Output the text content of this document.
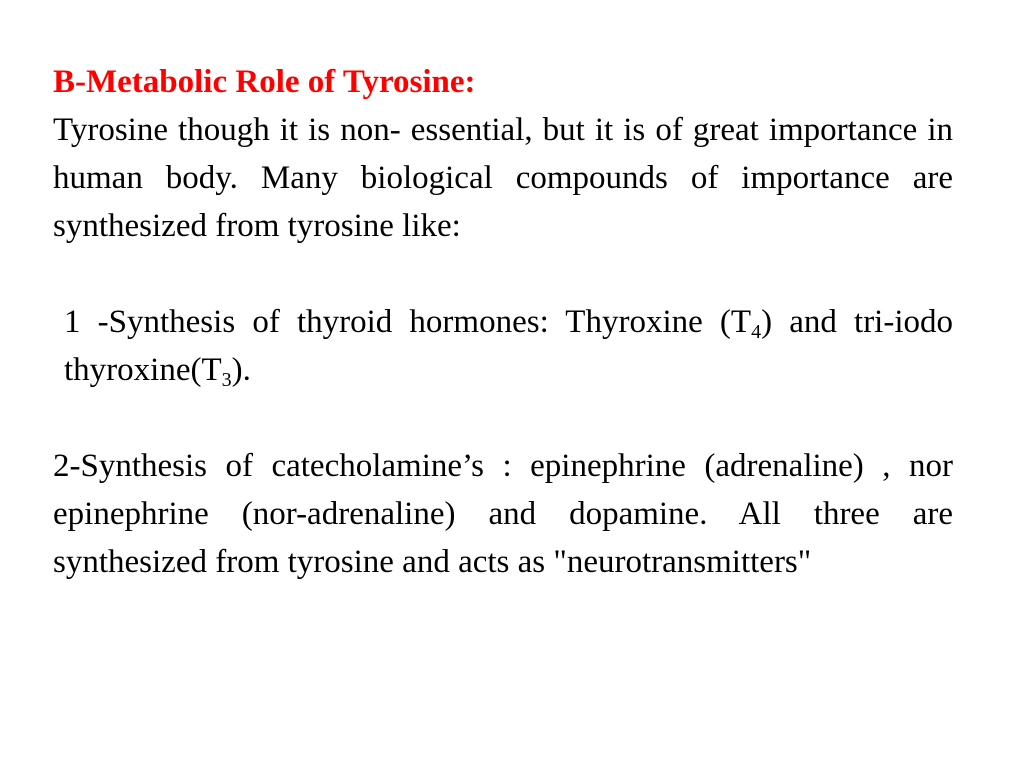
B-Metabolic Role of Tyrosine:

Tyrosine though it is non- essential, but it is of great importance in human body. Many biological compounds of importance are synthesized from tyrosine like:

1 -Synthesis of thyroid hormones: Thyroxine $(T_4)$ and tri-iodo $thyroxine(T_3)$.

2-Synthesis of catecholamine’s : epinephrine (adrenaline) , nor epinephrine (nor-adrenaline) and dopamine. All three are synthesized from tyrosine and acts as "neurotransmitters"
